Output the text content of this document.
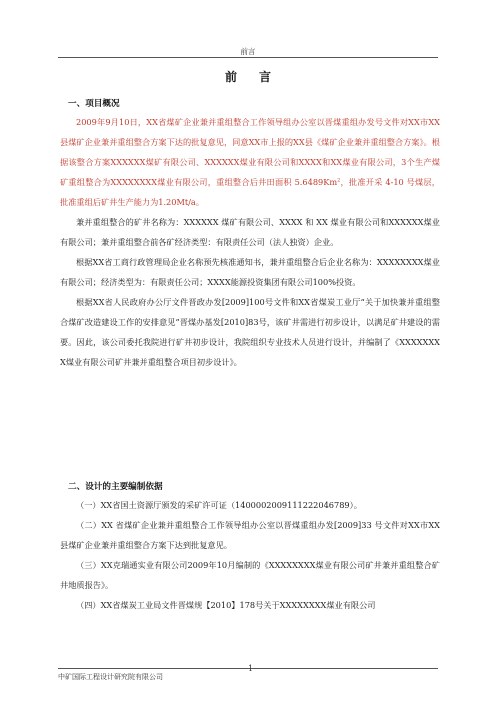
前言
前言
一、项目概况
2009年9月10日，XX省煤矿企业兼并重组整合工作领导组办公室以晋煤重组办发号文件对XX市XX县煤矿企业兼并重组整合方案下达的批复意见，同意XX市上报的XX县《煤矿企业兼并重组整合方案》。根据该整合方案XXXXXX煤矿有限公司、XXXXXX煤业有限公司和XXXX和XX煤业有限公司，3个生产煤矿重组整合为XXXXXXXX煤业有限公司，重组整合后井田面积 5.6489Km$^2$，批准开采 4-10 号煤层，批准重组后矿井生产能力为1.20Mt/a。
兼并重组整合的矿井名称为：XXXXXX 煤矿有限公司、XXXX 和 XX 煤业有限公司和XXXXXX煤业有限公司；兼并重组整合前各矿经济类型：有限责任公司（法人独资）企业。
根据XX省工商行政管理局企业名称预先核准通知书，兼并重组整合后企业名称为：XXXXXXXX煤业有限公司；经济类型为：有限责任公司；XXXX能源投资集团有限公司100%投资。
根据XX省人民政府办公厅文件晋政办发[2009]100号文件和XX省煤炭工业厅“关于加快兼并重组整合煤矿改造建设工作的安排意见”晋煤办基发[2010]83号，该矿井需进行初步设计，以满足矿井建设的需要。因此，该公司委托我院进行矿井初步设计，我院组织专业技术人员进行设计，并编制了《XXXXXXXX煤业有限公司矿井兼并重组整合项目初步设计》。
二、设计的主要编制依据
（一）XX省国土资源厅颁发的采矿许可证（1400002009111222046789）。
（二）XX 省煤矿企业兼并重组整合工作领导组办公室以晋煤重组办发[2009]33 号文件对XX市XX县煤矿企业兼并重组整合方案下达到批复意见。
（三）XX克瑞通实业有限公司2009年10月编制的《XXXXXXXX煤业有限公司矿井兼并重组整合矿井地质报告》。
（四）XX省煤炭工业局文件晋煤规【2010】178号关于XXXXXXXX煤业有限公司
1
中矿国际工程设计研究院有限公司
